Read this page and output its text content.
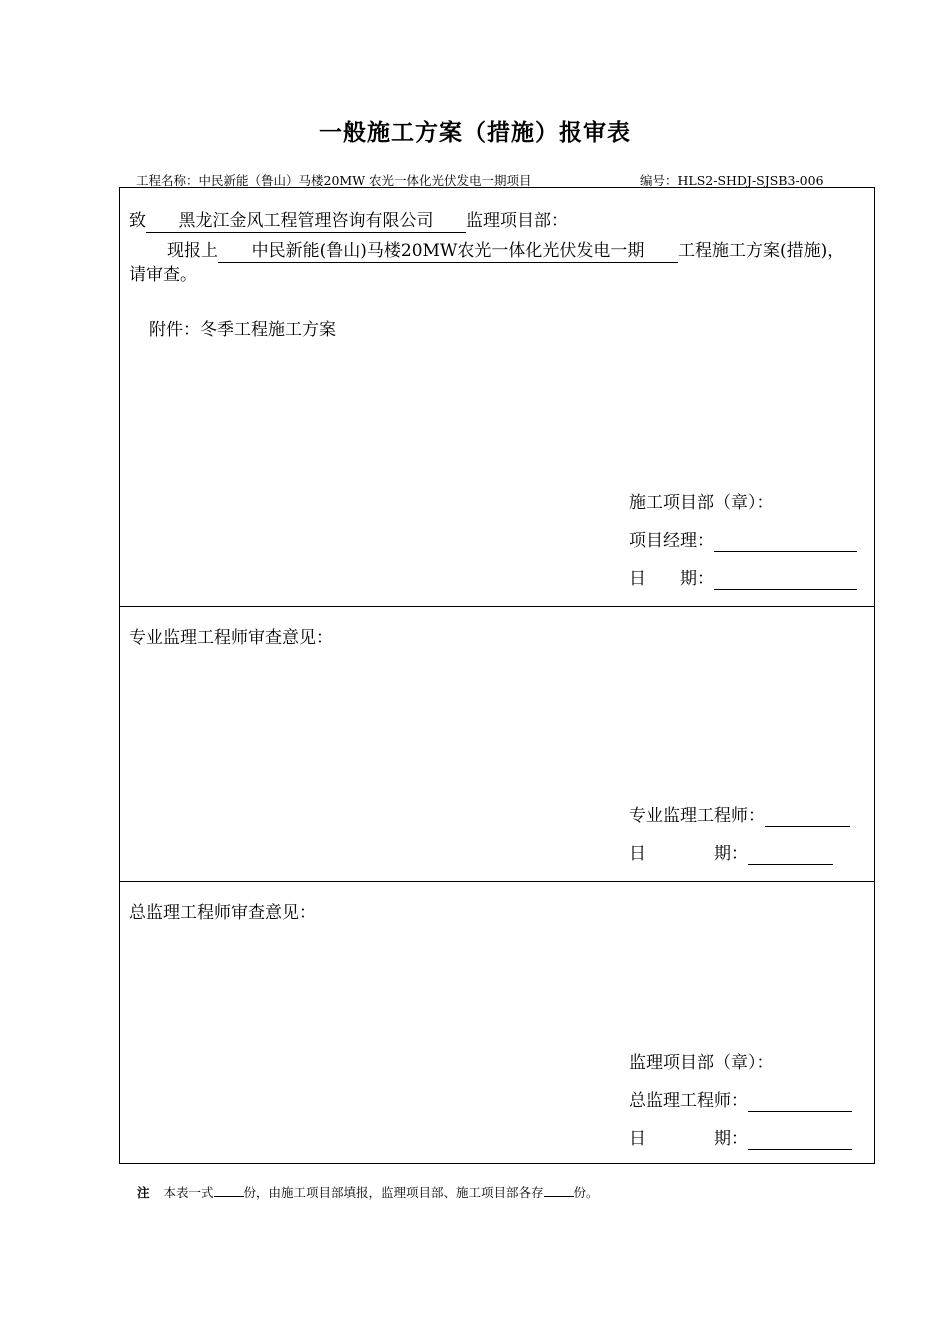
一般施工方案（措施）报审表
工程名称：中民新能（鲁山）马楼20MW 农光一体化光伏发电一期项目	编号：HLS2-SHDJ-SJSB3-006
致 黑龙江金风工程管理咨询有限公司 监理项目部：
现报上 中民新能(鲁山)马楼20MW农光一体化光伏发电一期 工程施工方案(措施)，
请审查。
附件：冬季工程施工方案
施工项目部（章）：
项目经理：
日　　期：
专业监理工程师审查意见：
专业监理工程师：
日　　　　期：
总监理工程师审查意见：
监理项目部（章）：
总监理工程师：
日　　　　期：
注 本表一式 份，由施工项目部填报，监理项目部、施工项目部各存 份。
